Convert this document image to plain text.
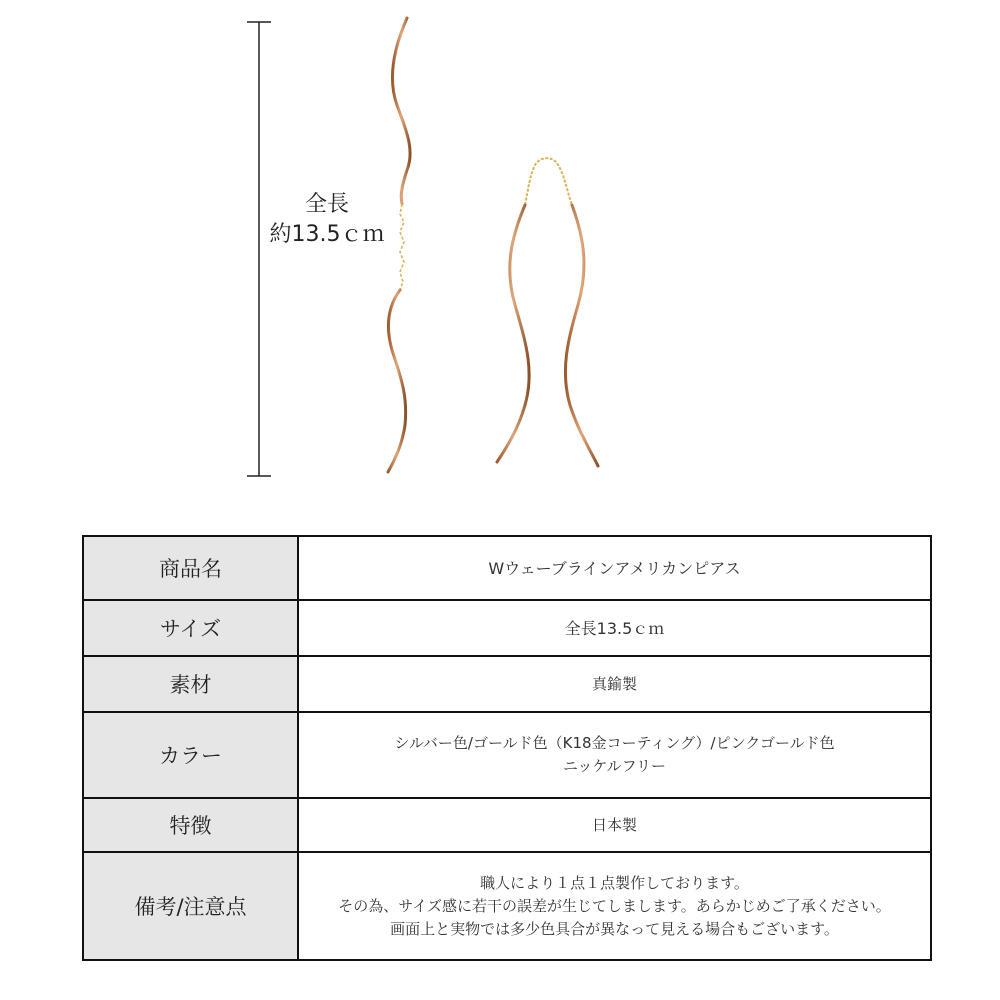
全長
約13.5ｃｍ
商品名	Wウェーブラインアメリカンピアス

サイズ	全長13.5ｃｍ

素材	真鍮製

カラー	シルバー色/ゴールド色（K18金コーティング）/ピンクゴールド色
ニッケルフリー

特徴	日本製

備考/注意点	職人により１点１点製作しております。
その為、サイズ感に若干の誤差が生じてしまします。あらかじめご了承ください。
画面上と実物では多少色具合が異なって見える場合もございます。
